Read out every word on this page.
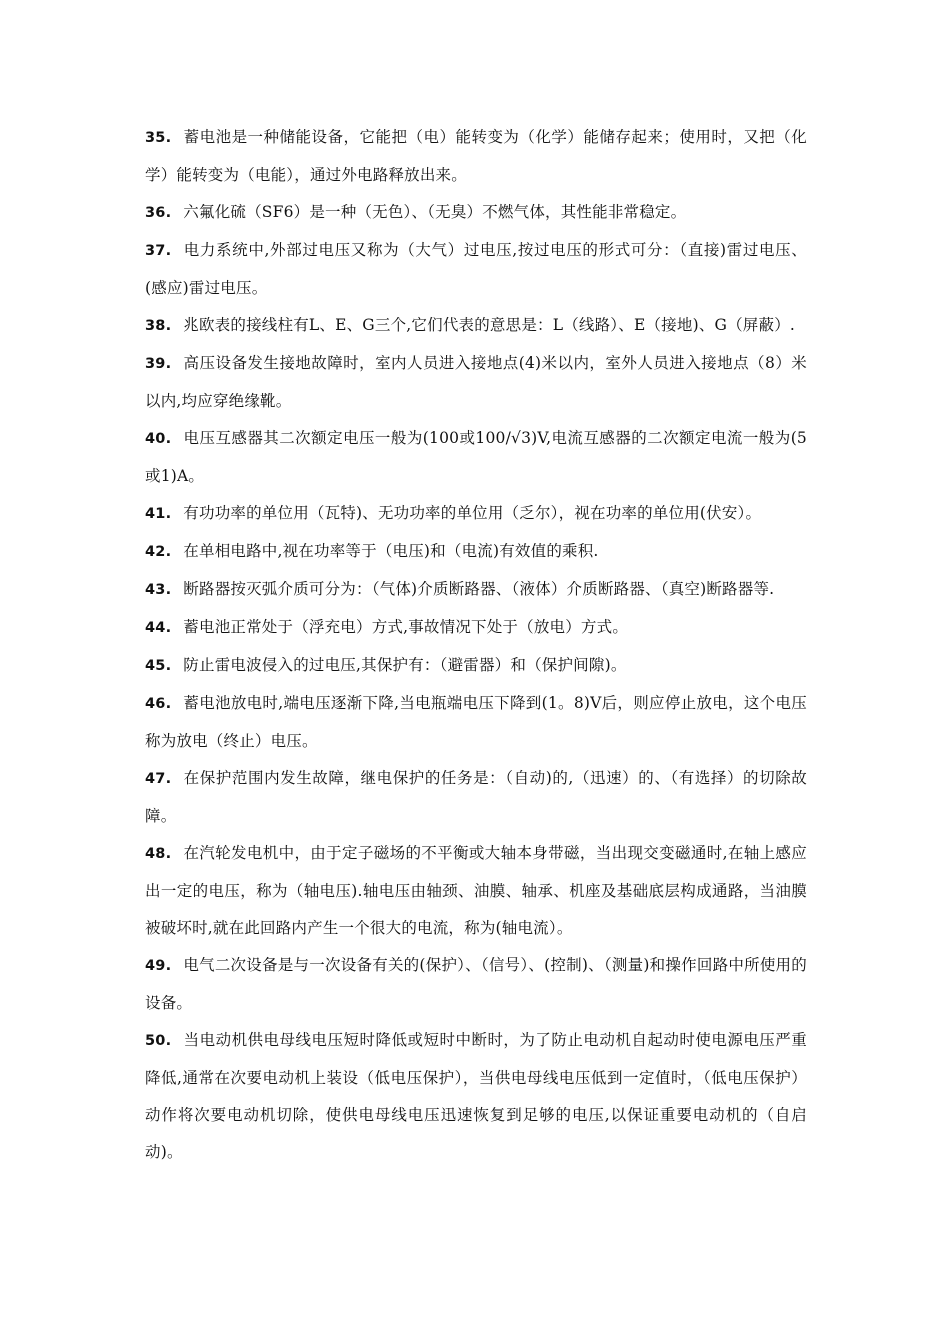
35. 蓄电池是一种储能设备，它能把（电）能转变为（化学）能储存起来；使用时，又把（化学）能转变为（电能），通过外电路释放出来。

36. 六氟化硫（SF6）是一种（无色）、（无臭）不燃气体，其性能非常稳定。

37. 电力系统中,外部过电压又称为（大气）过电压,按过电压的形式可分：（直接)雷过电压、(感应)雷过电压。

38. 兆欧表的接线柱有L、E、G三个,它们代表的意思是：L（线路）、E（接地)、G（屏蔽）.

39. 高压设备发生接地故障时，室内人员进入接地点(4)米以内，室外人员进入接地点（8）米以内,均应穿绝缘靴。

40. 电压互感器其二次额定电压一般为(100或100/√3)V,电流互感器的二次额定电流一般为(5或1)A。

41. 有功功率的单位用（瓦特)、无功功率的单位用（乏尔），视在功率的单位用(伏安）。

42. 在单相电路中,视在功率等于（电压)和（电流)有效值的乘积.

43. 断路器按灭弧介质可分为：（气体)介质断路器、（液体）介质断路器、（真空)断路器等.

44. 蓄电池正常处于（浮充电）方式,事故情况下处于（放电）方式。

45. 防止雷电波侵入的过电压,其保护有：（避雷器）和（保护间隙)。

46. 蓄电池放电时,端电压逐渐下降,当电瓶端电压下降到(1。8)V后，则应停止放电，这个电压称为放电（终止）电压。

47. 在保护范围内发生故障，继电保护的任务是：（自动)的,（迅速）的、（有选择）的切除故障。

48. 在汽轮发电机中，由于定子磁场的不平衡或大轴本身带磁，当出现交变磁通时,在轴上感应出一定的电压，称为（轴电压).轴电压由轴颈、油膜、轴承、机座及基础底层构成通路，当油膜被破坏时,就在此回路内产生一个很大的电流，称为(轴电流）。

49. 电气二次设备是与一次设备有关的(保护）、（信号）、(控制)、（测量)和操作回路中所使用的设备。

50. 当电动机供电母线电压短时降低或短时中断时，为了防止电动机自起动时使电源电压严重降低,通常在次要电动机上装设（低电压保护），当供电母线电压低到一定值时，（低电压保护）动作将次要电动机切除，使供电母线电压迅速恢复到足够的电压,以保证重要电动机的（自启动)。
